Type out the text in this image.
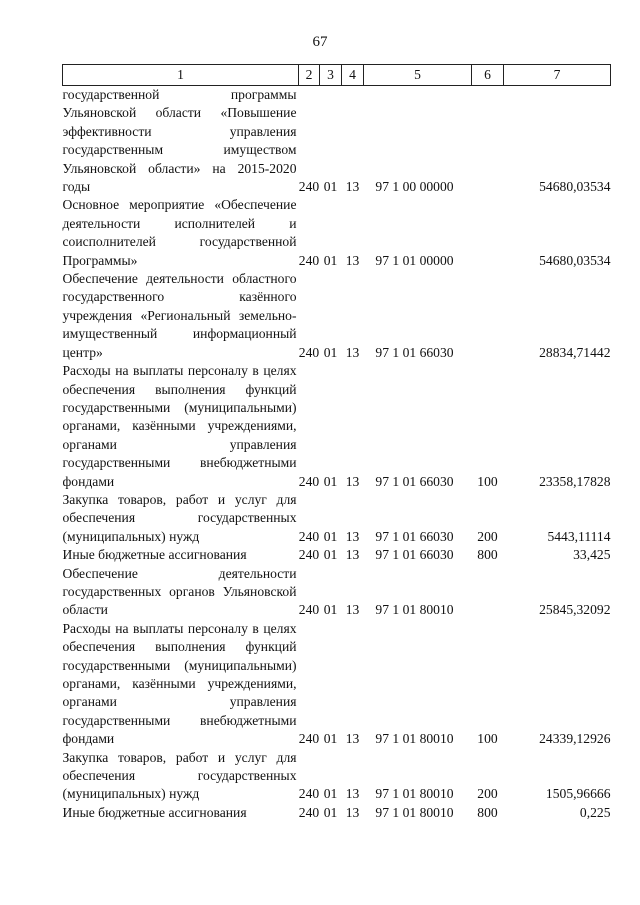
67
1	2	3	4	5	6	7
государственной программы Ульяновской области «Повышение эффективности управления государственным имуществом Ульяновской области» на 2015-2020 годы	240	01	13	97 1 00 00000		54680,03534
Основное мероприятие «Обеспечение деятельности исполнителей и соисполнителей государственной Программы»	240	01	13	97 1 01 00000		54680,03534
Обеспечение деятельности областного государственного казённого учреждения «Региональный земельно-имущественный информационный центр»	240	01	13	97 1 01 66030		28834,71442
Расходы на выплаты персоналу в целях обеспечения выполнения функций государственными (муниципальными) органами, казёнными учреждениями, органами управления государственными внебюджетными фондами	240	01	13	97 1 01 66030	100	23358,17828
Закупка товаров, работ и услуг для обеспечения государственных (муниципальных) нужд	240	01	13	97 1 01 66030	200	5443,11114
Иные бюджетные ассигнования	240	01	13	97 1 01 66030	800	33,425
Обеспечение деятельности государственных органов Ульяновской области	240	01	13	97 1 01 80010		25845,32092
Расходы на выплаты персоналу в целях обеспечения выполнения функций государственными (муниципальными) органами, казёнными учреждениями, органами управления государственными внебюджетными фондами	240	01	13	97 1 01 80010	100	24339,12926
Закупка товаров, работ и услуг для обеспечения государственных (муниципальных) нужд	240	01	13	97 1 01 80010	200	1505,96666
Иные бюджетные ассигнования	240	01	13	97 1 01 80010	800	0,225
